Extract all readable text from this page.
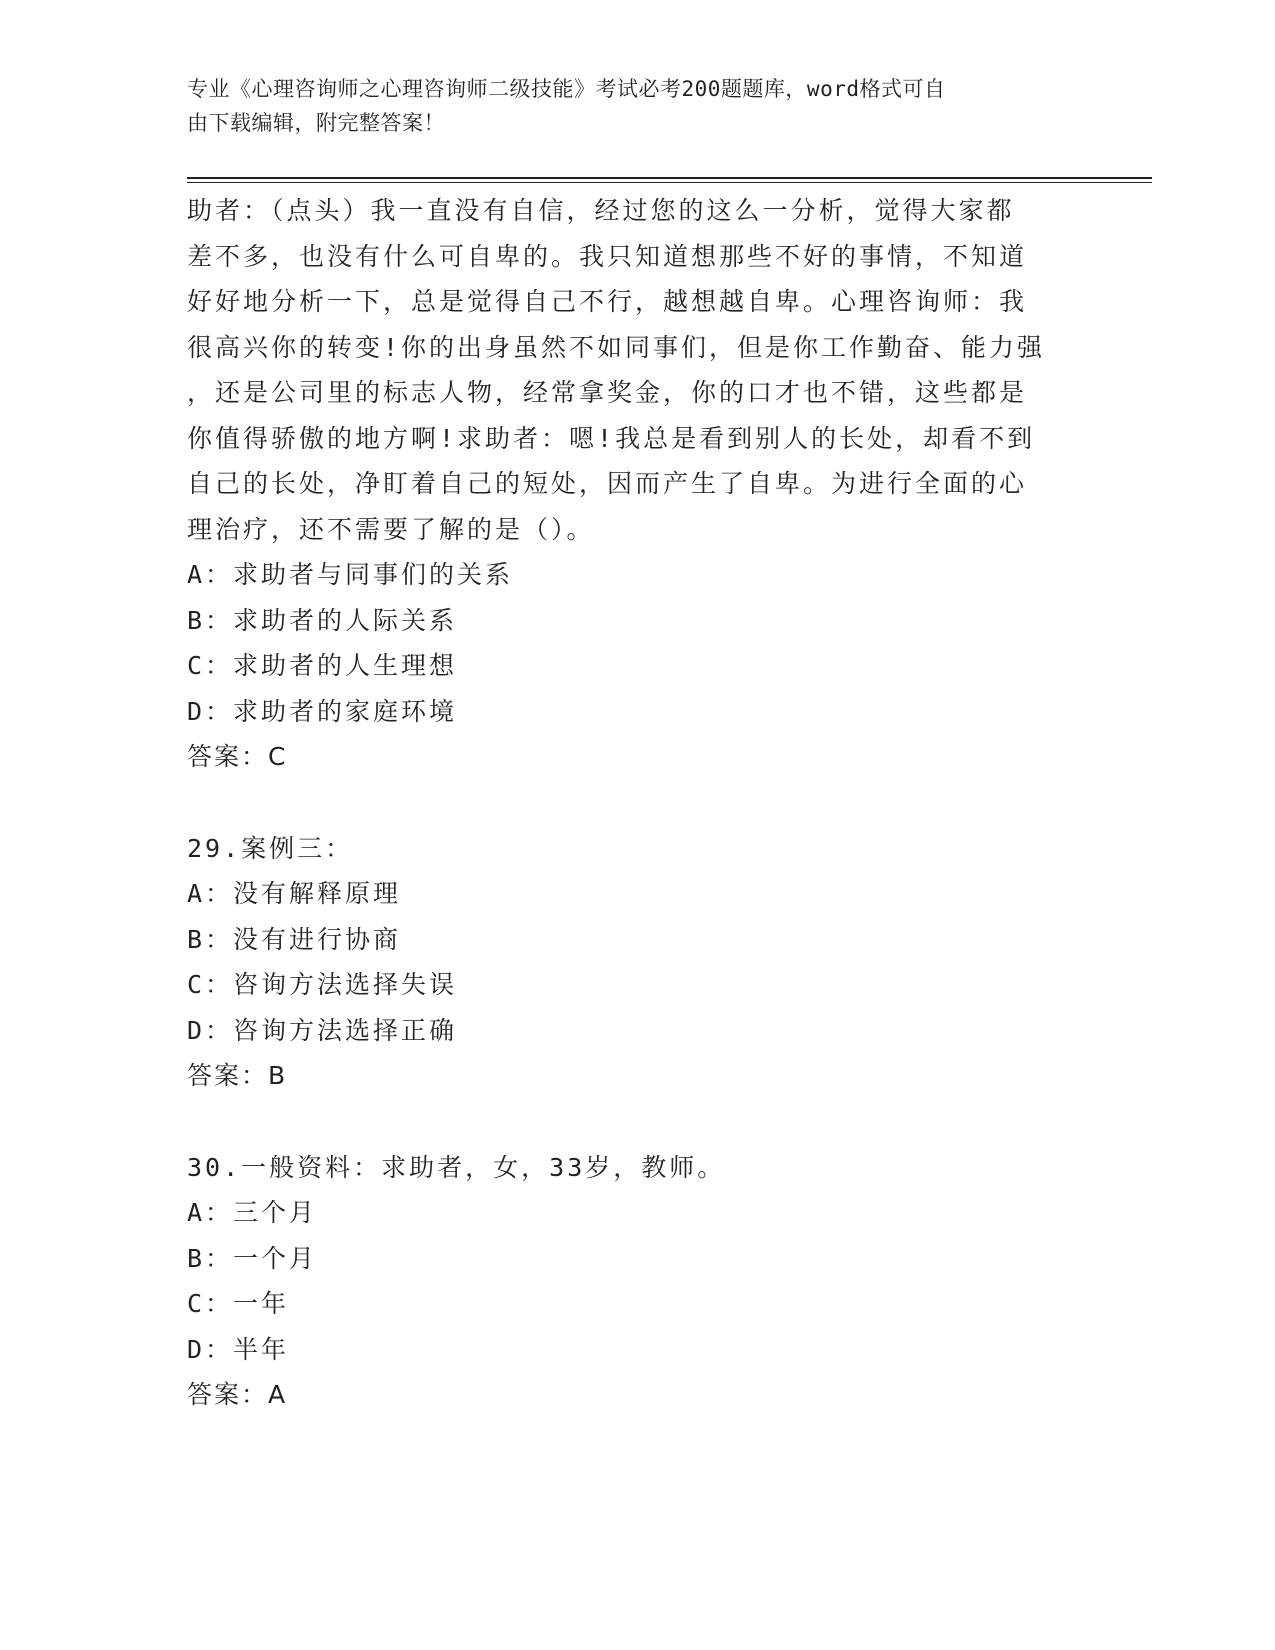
专业《心理咨询师之心理咨询师二级技能》考试必考200题题库，word格式可自
由下载编辑，附完整答案！

助者：（点头）我一直没有自信，经过您的这么一分析，觉得大家都

差不多，也没有什么可自卑的。我只知道想那些不好的事情，不知道

好好地分析一下，总是觉得自己不行，越想越自卑。心理咨询师：我

很高兴你的转变!你的出身虽然不如同事们，但是你工作勤奋、能力强

，还是公司里的标志人物，经常拿奖金，你的口才也不错，这些都是

你值得骄傲的地方啊!求助者：嗯!我总是看到别人的长处，却看不到

自己的长处，净盯着自己的短处，因而产生了自卑。为进行全面的心

理治疗，还不需要了解的是（）。

A：求助者与同事们的关系

B：求助者的人际关系

C：求助者的人生理想

D：求助者的家庭环境

答案：C

29.案例三：

A：没有解释原理

B：没有进行协商

C：咨询方法选择失误

D：咨询方法选择正确

答案：B

30.一般资料：求助者，女，33岁，教师。

A：三个月

B：一个月

C：一年

D：半年

答案：A
